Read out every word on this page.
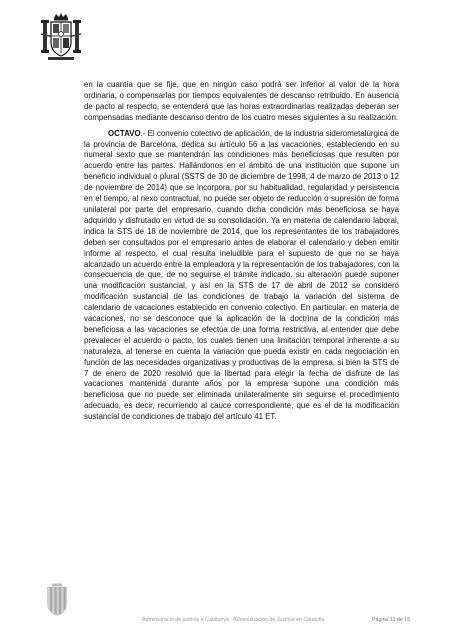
en la cuantía que se fije, que en ningún caso podrá ser inferior al valor de la hora ordinaria, o compensarlas por tiempos equivalentes de descanso retribuido. En ausencia de pacto al respecto, se entenderá que las horas extraordinarias realizadas deberán ser compensadas mediante descanso dentro de los cuatro meses siguientes a su realización.

OCTAVO.- El convenio colectivo de aplicación, de la industria siderometalúrgica de la provincia de Barcelona, dedica su artículo 56 a las vacaciones, estableciendo en su numeral sexto que se mantendrán las condiciones más beneficiosas que resulten por acuerdo entre las partes. Hallándonos en el ámbito de una institución que supone un beneficio individual o plural (SSTS de 30 de diciembre de 1998, 4 de marzo de 2013 o 12 de noviembre de 2014) que se incorpora, por su habitualidad, regularidad y persistencia en el tiempo, al nexo contractual, no puede ser objeto de reducción o supresión de forma unilateral por parte del empresario, cuando dicha condición más beneficiosa se haya adquirido y disfrutado en virtud de su consolidación. Ya en materia de calendario laboral, indica la STS de 18 de noviembre de 2014, que los representantes de los trabajadores deben ser consultados por el empresario antes de elaborar el calendario y deben emitir informe al respecto, el cual resulta ineludible para el supuesto de que no se haya alcanzado un acuerdo entre la empleadora y la representación de los trabajadores, con la consecuencia de que, de no seguirse el trámite indicado, su alteración puede suponer una modificación sustancial, y así en la STS de 17 de abril de 2012 se consideró modificación sustancial de las condiciones de trabajo la variación del sistema de calendario de vacaciones establecido en convenio colectivo. En particular, en materia de vacaciones, no se desconoce que la aplicación de la doctrina de la condición más beneficiosa a las vacaciones se efectúa de una forma restrictiva, al entender que debe prevalecer el acuerdo o pacto, los cuales tienen una limitación temporal inherente a su naturaleza, al tenerse en cuenta la variación que pueda existir en cada negociación en función de las necesidades organizativas y productivas de la empresa, si bien la STS de 7 de enero de 2020 resolvió que la libertad para elegir la fecha de disfrute de las vacaciones mantenida durante años por la empresa supone una condición más beneficiosa que no puede ser eliminada unilateralmente sin seguirse el procedimiento adecuado, es decir, recurriendo al cauce correspondiente, que es el de la modificación sustancial de condiciones de trabajo del artículo 41 ET.

Administració de justícia a Catalunya · Administración de Justicia en Cataluña	Página 11 de 15
